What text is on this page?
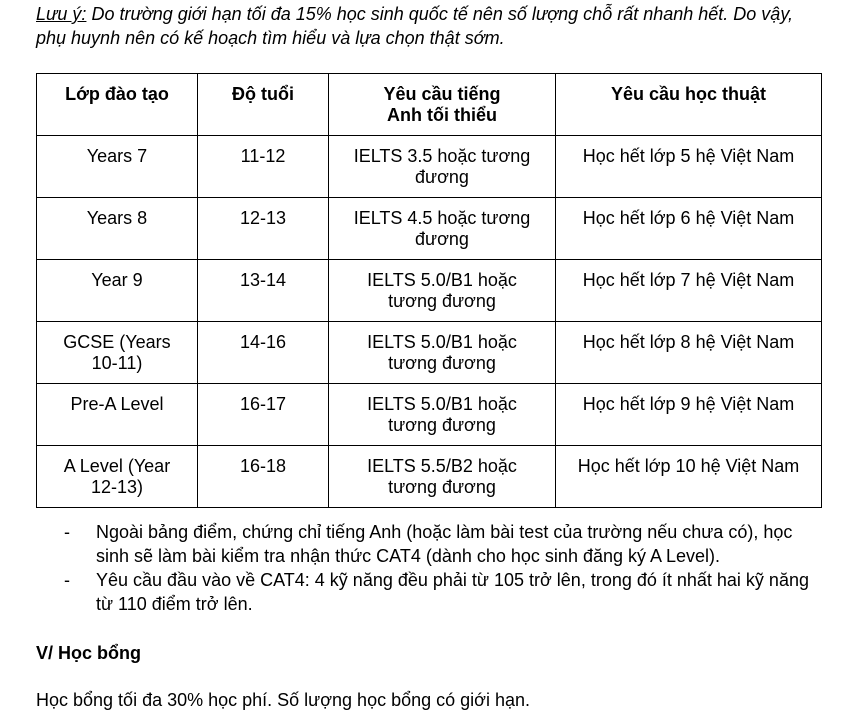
Lưu ý: Do trường giới hạn tối đa 15% học sinh quốc tế nên số lượng chỗ rất nhanh hết. Do vậy, phụ huynh nên có kế hoạch tìm hiểu và lựa chọn thật sớm.

Lớp đào tạo	Độ tuổi	Yêu cầu tiếng Anh tối thiểu	Yêu cầu học thuật
Years 7	11-12	IELTS 3.5 hoặc tương đương	Học hết lớp 5 hệ Việt Nam
Years 8	12-13	IELTS 4.5 hoặc tương đương	Học hết lớp 6 hệ Việt Nam
Year 9	13-14	IELTS 5.0/B1 hoặc tương đương	Học hết lớp 7 hệ Việt Nam
GCSE (Years 10-11)	14-16	IELTS 5.0/B1 hoặc tương đương	Học hết lớp 8 hệ Việt Nam
Pre-A Level	16-17	IELTS 5.0/B1 hoặc tương đương	Học hết lớp 9 hệ Việt Nam
A Level (Year 12-13)	16-18	IELTS 5.5/B2 hoặc tương đương	Học hết lớp 10 hệ Việt Nam
- Ngoài bảng điểm, chứng chỉ tiếng Anh (hoặc làm bài test của trường nếu chưa có), học sinh sẽ làm bài kiểm tra nhận thức CAT4 (dành cho học sinh đăng ký A Level).
- Yêu cầu đầu vào về CAT4: 4 kỹ năng đều phải từ 105 trở lên, trong đó ít nhất hai kỹ năng từ 110 điểm trở lên.
V/ Học bổng
Học bổng tối đa 30% học phí. Số lượng học bổng có giới hạn.
